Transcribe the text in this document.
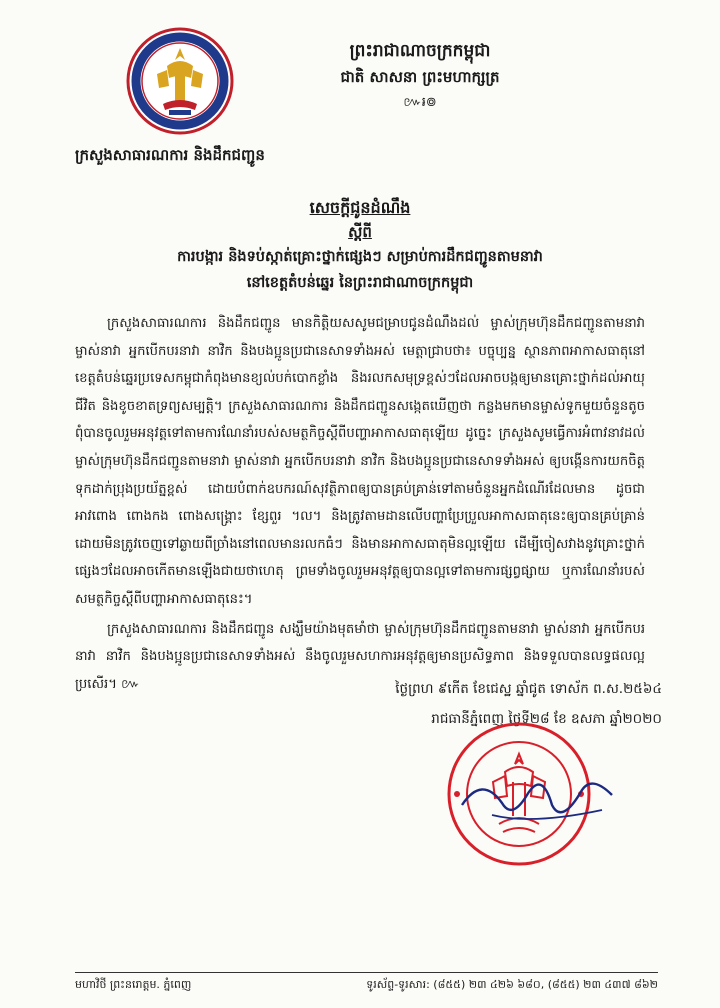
ព្រះរាជាណាចក្រកម្ពុជា
ជាតិ សាសនា ព្រះមហាក្សត្រ
៚៛៙
ក្រសួងសាធារណការ និងដឹកជញ្ជូន
សេចក្តីជូនដំណឹង
ស្តីពី
ការបង្ការ និងទប់ស្កាត់គ្រោះថ្នាក់ផ្សេងៗ សម្រាប់ការដឹកជញ្ជូនតាមនាវា
នៅខេត្តតំបន់ឆ្នេរ នៃព្រះរាជាណាចក្រកម្ពុជា

ក្រសួងសាធារណការ និងដឹកជញ្ជូន មានកិត្តិយសសូមជម្រាបជូនដំណឹងដល់ ម្ចាស់ក្រុមហ៊ុនដឹកជញ្ជូនតាមនាវា ម្ចាស់នាវា អ្នកបើកបរនាវា នាវិក និងបងប្អូនប្រជានេសាទទាំងអស់ មេត្តាជ្រាបថា៖ បច្ចុប្បន្ន ស្ថានភាពអាកាសធាតុនៅខេត្តតំបន់ឆ្នេរប្រទេសកម្ពុជាកំពុងមានខ្យល់បក់បោកខ្លាំង និងរលកសមុទ្រខ្ពស់ៗដែលអាចបង្កឲ្យមានគ្រោះថ្នាក់ដល់អាយុជីវិត និងខូចខាតទ្រព្យសម្បត្តិ។ ក្រសួងសាធារណការ និងដឹកជញ្ជូនសង្កេតឃើញថា កន្លងមកមានម្ចាស់ទូកមួយចំនួនតូចពុំបានចូលរួមអនុវត្តទៅតាមការណែនាំរបស់សមត្ថកិច្ចស្តីពីបញ្ហាអាកាសធាតុឡើយ ដូច្នេះ ក្រសួងសូមធ្វើការអំពាវនាវដល់ម្ចាស់ក្រុមហ៊ុនដឹកជញ្ជូនតាមនាវា ម្ចាស់នាវា អ្នកបើកបរនាវា នាវិក និងបងប្អូនប្រជានេសាទទាំងអស់ ឲ្យបង្កើនការយកចិត្តទុកដាក់ប្រុងប្រយ័ត្នខ្ពស់ ដោយបំពាក់ឧបករណ៍សុវត្ថិភាពឲ្យបានគ្រប់គ្រាន់ទៅតាមចំនួនអ្នកដំណើរដែលមាន ដូចជា អាវពោង ពោងកង ពោងសង្គ្រោះ ខ្សែពួរ ។ល។ និងត្រូវតាមដានលើបញ្ហាប្រែប្រួលអាកាសធាតុនេះឲ្យបានគ្រប់គ្រាន់ ដោយមិនត្រូវចេញទៅឆ្ងាយពីច្រាំងនៅពេលមានរលកធំៗ និងមានអាកាសធាតុមិនល្អឡើយ ដើម្បីចៀសវាងនូវគ្រោះថ្នាក់ផ្សេងៗដែលអាចកើតមានឡើងជាយថាហេតុ ព្រមទាំងចូលរួមអនុវត្តឲ្យបានល្អទៅតាមការផ្សព្វផ្សាយ ឬការណែនាំរបស់សមត្ថកិច្ចស្តីពីបញ្ហាអាកាសធាតុនេះ។

ក្រសួងសាធារណការ និងដឹកជញ្ជូន សង្ឃឹមយ៉ាងមុតមាំថា ម្ចាស់ក្រុមហ៊ុនដឹកជញ្ជូនតាមនាវា ម្ចាស់នាវា អ្នកបើកបរនាវា នាវិក និងបងប្អូនប្រជានេសាទទាំងអស់ នឹងចូលរួមសហការអនុវត្តឲ្យមានប្រសិទ្ធភាព និងទទួលបានលទ្ធផលល្អប្រសើរ។ ៚	ថ្ងៃព្រហ ៩កើត ខែជេស្ឋ ឆ្នាំជូត ទោស័ក ព.ស.២៥៦៤
រាជធានីភ្នំពេញ ថ្ងៃទី២៨ ខែ ឧសភា ឆ្នាំ២០២០
មហាវិថី ព្រះនរោត្តម. ភ្នំពេញ	ទូរស័ព្ទ-ទូរសារ: (៨៥៥) ២៣ ៤២៦ ៦៨០, (៨៥៥) ២៣ ៤៣៧ ៨៦២
